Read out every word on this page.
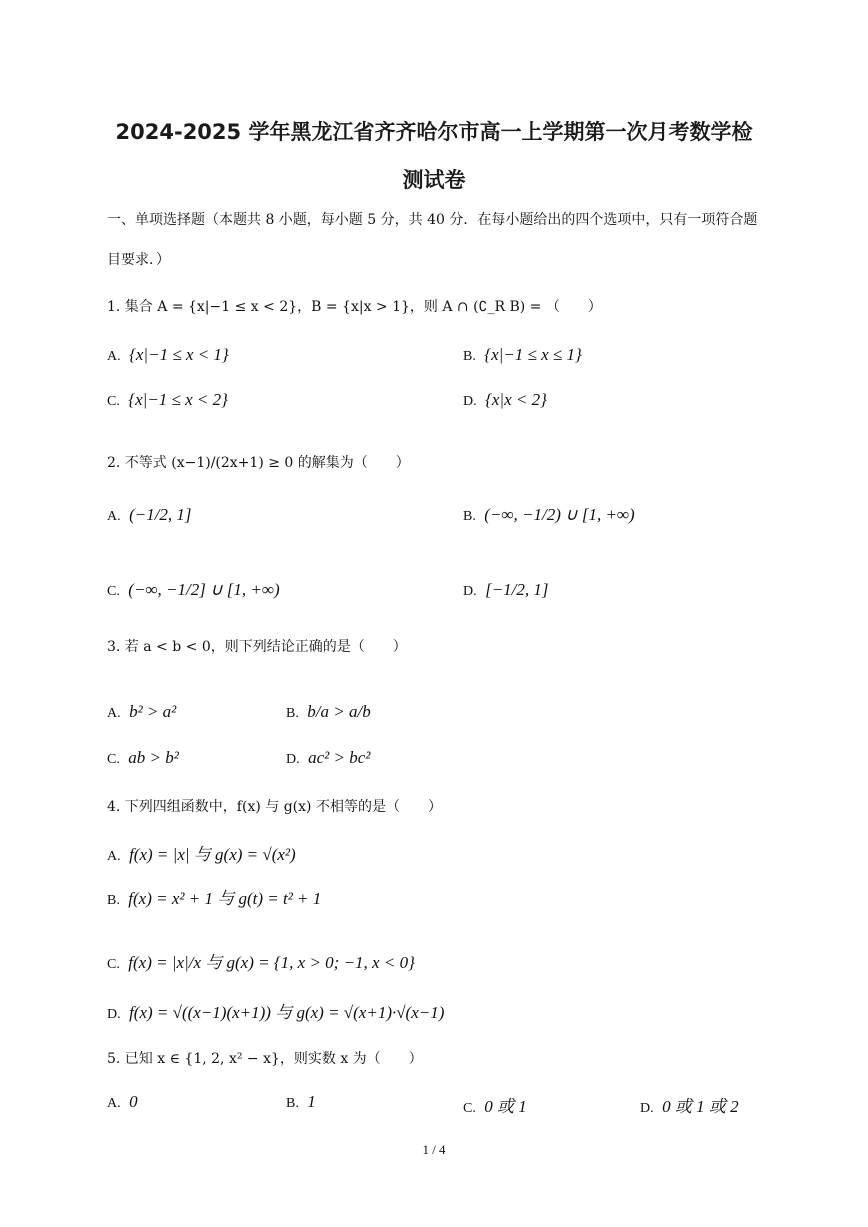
2024-2025 学年黑龙江省齐齐哈尔市高一上学期第一次月考数学检
测试卷
一、单项选择题（本题共 8 小题，每小题 5 分，共 40 分．在每小题给出的四个选项中，只有一项符合题目要求．）
1. 集合 A = {x|−1 ≤ x < 2}，B = {x|x > 1}，则 A ∩ (∁_R B) = （　　）
A. {x|−1 ≤ x < 1}	B. {x|−1 ≤ x ≤ 1}
C. {x|−1 ≤ x < 2}	D. {x|x < 2}
2. 不等式 (x−1)/(2x+1) ≥ 0 的解集为（　　）
A. (−1/2, 1]	B. (−∞, −1/2) ∪ [1, +∞)
C. (−∞, −1/2] ∪ [1, +∞)	D. [−1/2, 1]
3. 若 a < b < 0，则下列结论正确的是（　　）
A. b² > a²	B. b/a > a/b
C. ab > b²	D. ac² > bc²
4. 下列四组函数中，f(x) 与 g(x) 不相等的是（　　）
A. f(x) = |x| 与 g(x) = √(x²)
B. f(x) = x² + 1 与 g(t) = t² + 1
C. f(x) = |x|/x 与 g(x) = {1, x > 0; −1, x < 0}
D. f(x) = √((x−1)(x+1)) 与 g(x) = √(x+1)·√(x−1)
5. 已知 x ∈ {1, 2, x² − x}，则实数 x 为（　　）
A. 0	B. 1	C. 0 或 1	D. 0 或 1 或 2
1 / 4
